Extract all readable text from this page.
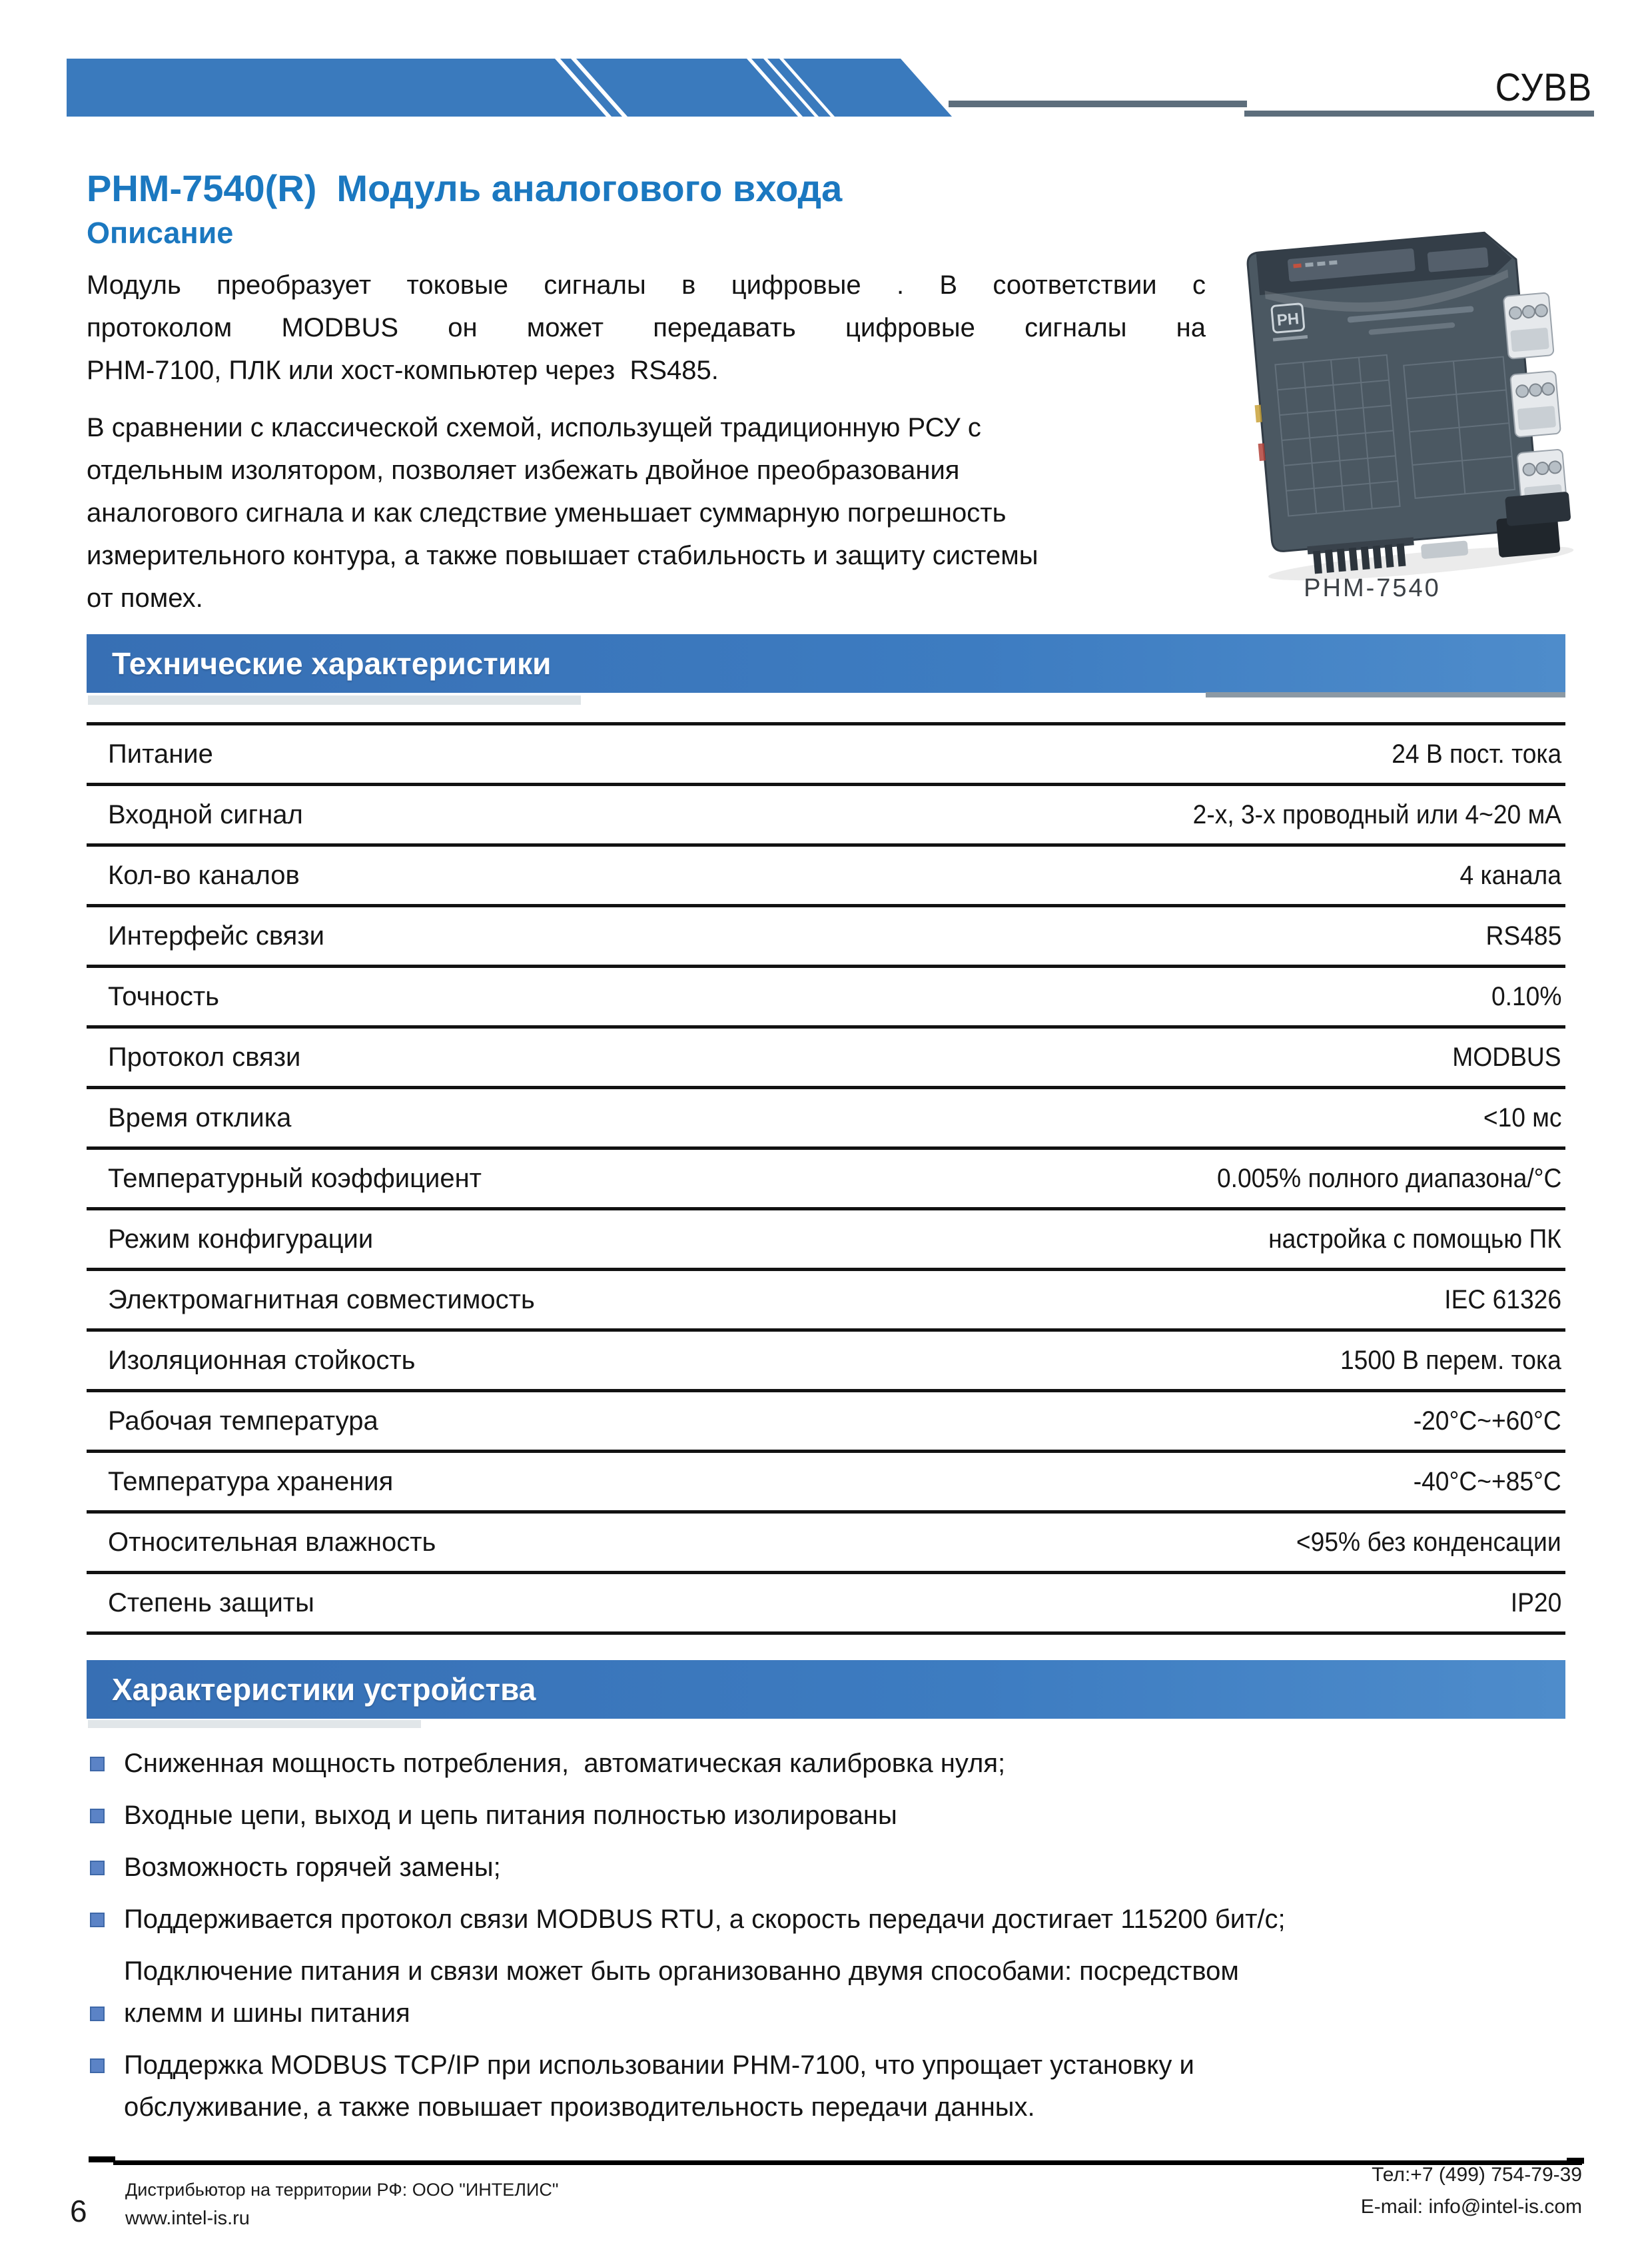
СУВВ
PHM-7540(R) Модуль аналогового входа
Описание
Модуль преобразует токовые сигналы в цифровые . В соответствии с
протоколом MODBUS он может передавать цифровые сигналы на
PHM-7100, ПЛК или хост-компьютер через  RS485.
В сравнении с классической схемой, использущей традиционную РСУ с
отдельным изолятором, позволяет избежать двойное преобразования
аналогового сигнала и как следствие уменьшает суммарную погрешность
измерительного контура, а также повышает стабильность и защиту системы
от помех.
PH
PHM-7540
Технические характеристики
Питание	24 В пост. тока
Входной сигнал	2-х, 3-х проводный или 4~20 мА
Кол-во каналов	4 канала
Интерфейс связи	RS485
Точность	0.10%
Протокол связи	MODBUS
Время отклика	<10 мс
Температурный коэффициент	0.005% полного диапазона/°C
Режим конфигурации	настройка с помощью ПК
Электромагнитная совместимость	IEC 61326
Изоляционная стойкость	1500 В перем. тока
Рабочая температура	-20°C~+60°C
Температура хранения	-40°C~+85°C
Относительная влажность	<95% без конденсации
Степень защиты	IP20
Характеристики устройства
Сниженная мощность потребления,  автоматическая калибровка нуля;
Входные цепи, выход и цепь питания полностью изолированы
Возможность горячей замены;
Поддерживается протокол связи MODBUS RTU, а скорость передачи достигает 115200 бит/с;
Подключение питания и связи может быть организованно двумя способами: посредством
клемм и шины питания
Поддержка MODBUS TCP/IP при использовании PHM-7100, что упрощает установку и
обслуживание, а также повышает производительность передачи данных.
6
Дистрибьютор на территории РФ: ООО "ИНТЕЛИС"
www.intel-is.ru
Тел:+7 (499) 754-79-39
E-mail: info@intel-is.com
